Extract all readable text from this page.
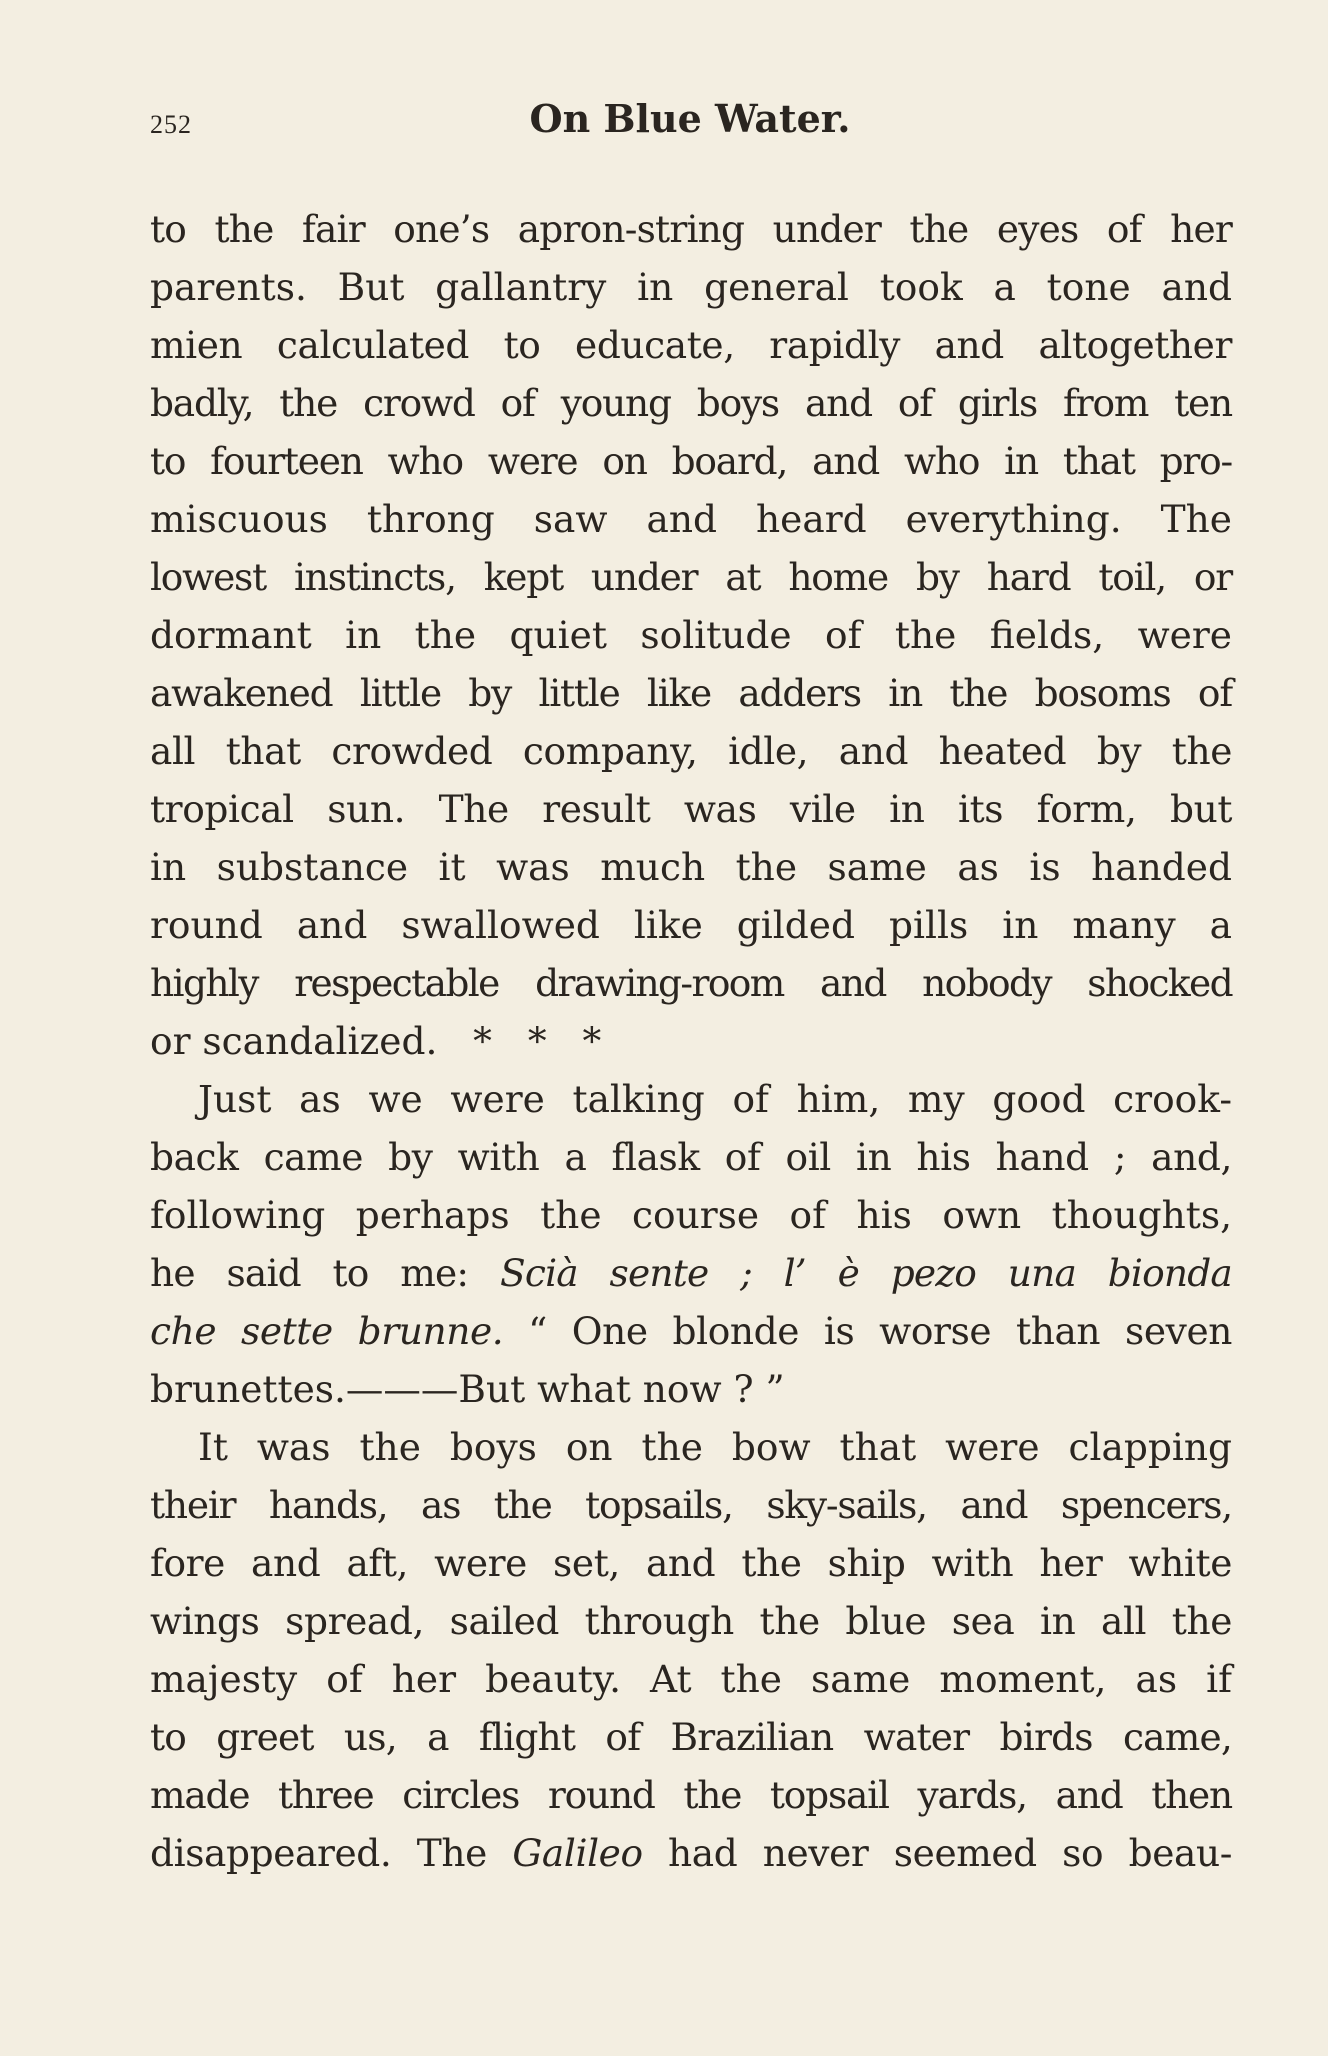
252	On Blue Water.
to the fair one’s apron-string under the eyes of her
parents. But gallantry in general took a tone and
mien calculated to educate, rapidly and altogether
badly, the crowd of young boys and of girls from ten
to fourteen who were on board, and who in that pro-
miscuous throng saw and heard everything. The
lowest instincts, kept under at home by hard toil, or
dormant in the quiet solitude of the fields, were
awakened little by little like adders in the bosoms of
all that crowded company, idle, and heated by the
tropical sun. The result was vile in its form, but
in substance it was much the same as is handed
round and swallowed like gilded pills in many a
highly respectable drawing-room and nobody shocked
or scandalized. * * *
Just as we were talking of him, my good crook-
back came by with a flask of oil in his hand ; and,
following perhaps the course of his own thoughts,
he said to me: Scià sente ; l’ è pezo una bionda
che sette brunne. “ One blonde is worse than seven
brunettes.———But what now ? ”
It was the boys on the bow that were clapping
their hands, as the topsails, sky-sails, and spencers,
fore and aft, were set, and the ship with her white
wings spread, sailed through the blue sea in all the
majesty of her beauty. At the same moment, as if
to greet us, a flight of Brazilian water birds came,
made three circles round the topsail yards, and then
disappeared. The Galileo had never seemed so beau-
